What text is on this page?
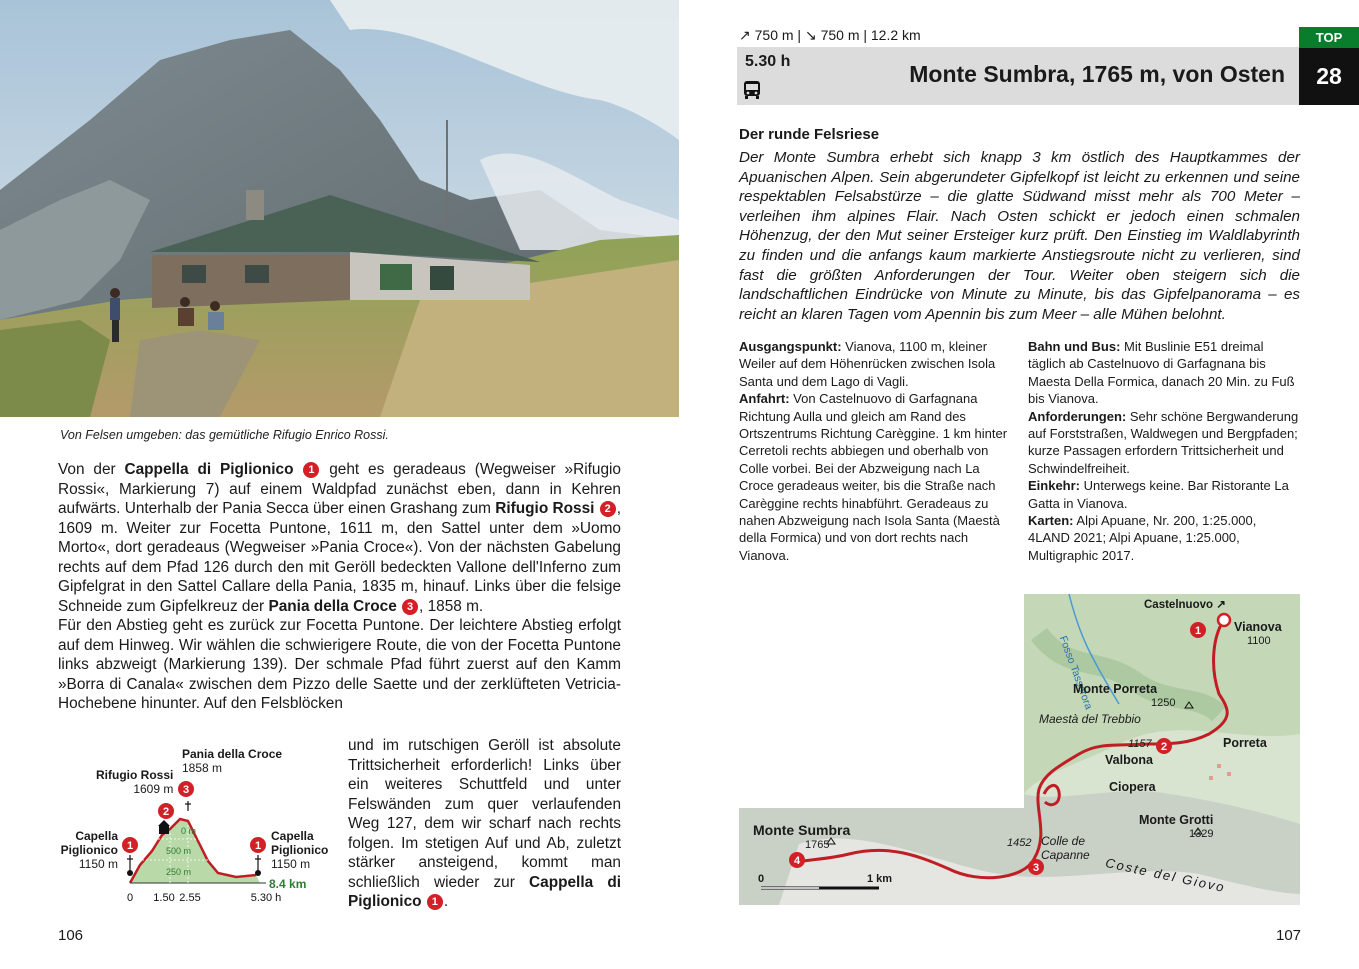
Von Felsen umgeben: das gemütliche Rifugio Enrico Rossi.

Von der Cappella di Piglionico 1 geht es geradeaus (Wegweiser »Rifugio Rossi«, Markierung 7) auf einem Waldpfad zunächst eben, dann in Kehren aufwärts. Unterhalb der Pania Secca über einen Grashang zum Rifugio Rossi 2 , 1609 m. Weiter zur Focetta Puntone, 1611 m, den Sattel unter dem »Uomo Morto«, dort geradeaus (Wegweiser »Pania Croce«). Von der nächsten Gabelung rechts auf dem Pfad 126 durch den mit Geröll bedeckten Vallone dell'Inferno zum Gipfelgrat in den Sattel Callare della Pania, 1835 m, hinauf. Links über die felsige Schneide zum Gipfelkreuz der Pania della Croce 3 , 1858 m.

Für den Abstieg geht es zurück zur Focetta Puntone. Der leichtere Abstieg erfolgt auf dem Hinweg. Wir wählen die schwierigere Route, die von der Focetta Puntone links abzweigt (Markierung 139). Der schmale Pfad führt zuerst auf den Kamm »Borra di Canala« zwischen dem Pizzo delle Saette und der zerklüfteten Vetricia-Hochebene hinunter. Auf den Felsblöcken

und im rutschigen Geröll ist absolute Trittsicherheit erforderlich! Links über ein weiteres Schuttfeld und unter Felswänden zum quer verlaufenden Weg 127, dem wir scharf nach rechts folgen. Im stetigen Auf und Ab, zuletzt stärker ansteigend, kommt man schließlich wieder zur Cappella di Piglionico 1 .
1
2
3
1
0 m
500 m
250 m
0 1.50 2.55	5.30 h
Pania della Croce
1858 m
Rifugio Rossi
1609 m
Capella
Piglionico
1150 m
Capella
Piglionico
1150 m
8.4 km
106
↗ 750 m | ↘ 750 m | 12.2 km
5.30 h	Monte Sumbra, 1765 m, von Osten
TOP
28
Der runde Felsriese
Der Monte Sumbra erhebt sich knapp 3 km östlich des Hauptkammes der Apuanischen Alpen. Sein abgerundeter Gipfelkopf ist leicht zu erkennen und seine respektablen Felsabstürze – die glatte Südwand misst mehr als 700 Meter – verleihen ihm alpines Flair. Nach Osten schickt er jedoch einen schmalen Höhenzug, der den Mut seiner Ersteiger kurz prüft. Den Einstieg im Waldlabyrinth zu finden und die anfangs kaum markierte Anstiegsroute nicht zu verlieren, sind fast die größten Anforderungen der Tour. Weiter oben steigern sich die landschaftlichen Eindrücke von Minute zu Minute, bis das Gipfelpanorama – es reicht an klaren Tagen vom Apennin bis zum Meer – alle Mühen belohnt.
Ausgangspunkt: Vianova, 1100 m, kleiner Weiler auf dem Höhenrücken zwischen Isola Santa und dem Lago di Vagli.
Anfahrt: Von Castelnuovo di Garfagnana Richtung Aulla und gleich am Rand des Ortszentrums Richtung Carèggine. 1 km hinter Cerretoli rechts abbiegen und oberhalb von Colle vorbei. Bei der Abzweigung nach La Croce geradeaus weiter, bis die Straße nach Carèggine rechts hinabführt. Geradeaus zu nahen Abzweigung nach Isola Santa (Maestà della Formica) und von dort rechts nach Vianova.
Bahn und Bus: Mit Buslinie E51 dreimal täglich ab Castelnuovo di Garfagnana bis Maesta Della Formica, danach 20 Min. zu Fuß bis Vianova.
Anforderungen: Sehr schöne Bergwanderung auf Forststraßen, Waldwegen und Bergpfaden; kurze Passagen erfordern Trittsicherheit und Schwindelfreiheit.
Einkehr: Unterwegs keine. Bar Ristorante La Gatta in Vianova.
Karten: Alpi Apuane, Nr. 200, 1:25.000, 4LAND 2021; Alpi Apuane, 1:25.000, Multigraphic 2017.
1
2
3
4
Castelnuovo ↗
Vianova
1100
Fosso Tasserora
Monte Porreta
1250
Maestà del Trebbio
1157	Porreta
Valbona
Ciopera
Monte Grotti
1329
Monte Sumbra
1765	1452 Colle de
Capanne
Coste del Giovo
0	1 km
107
